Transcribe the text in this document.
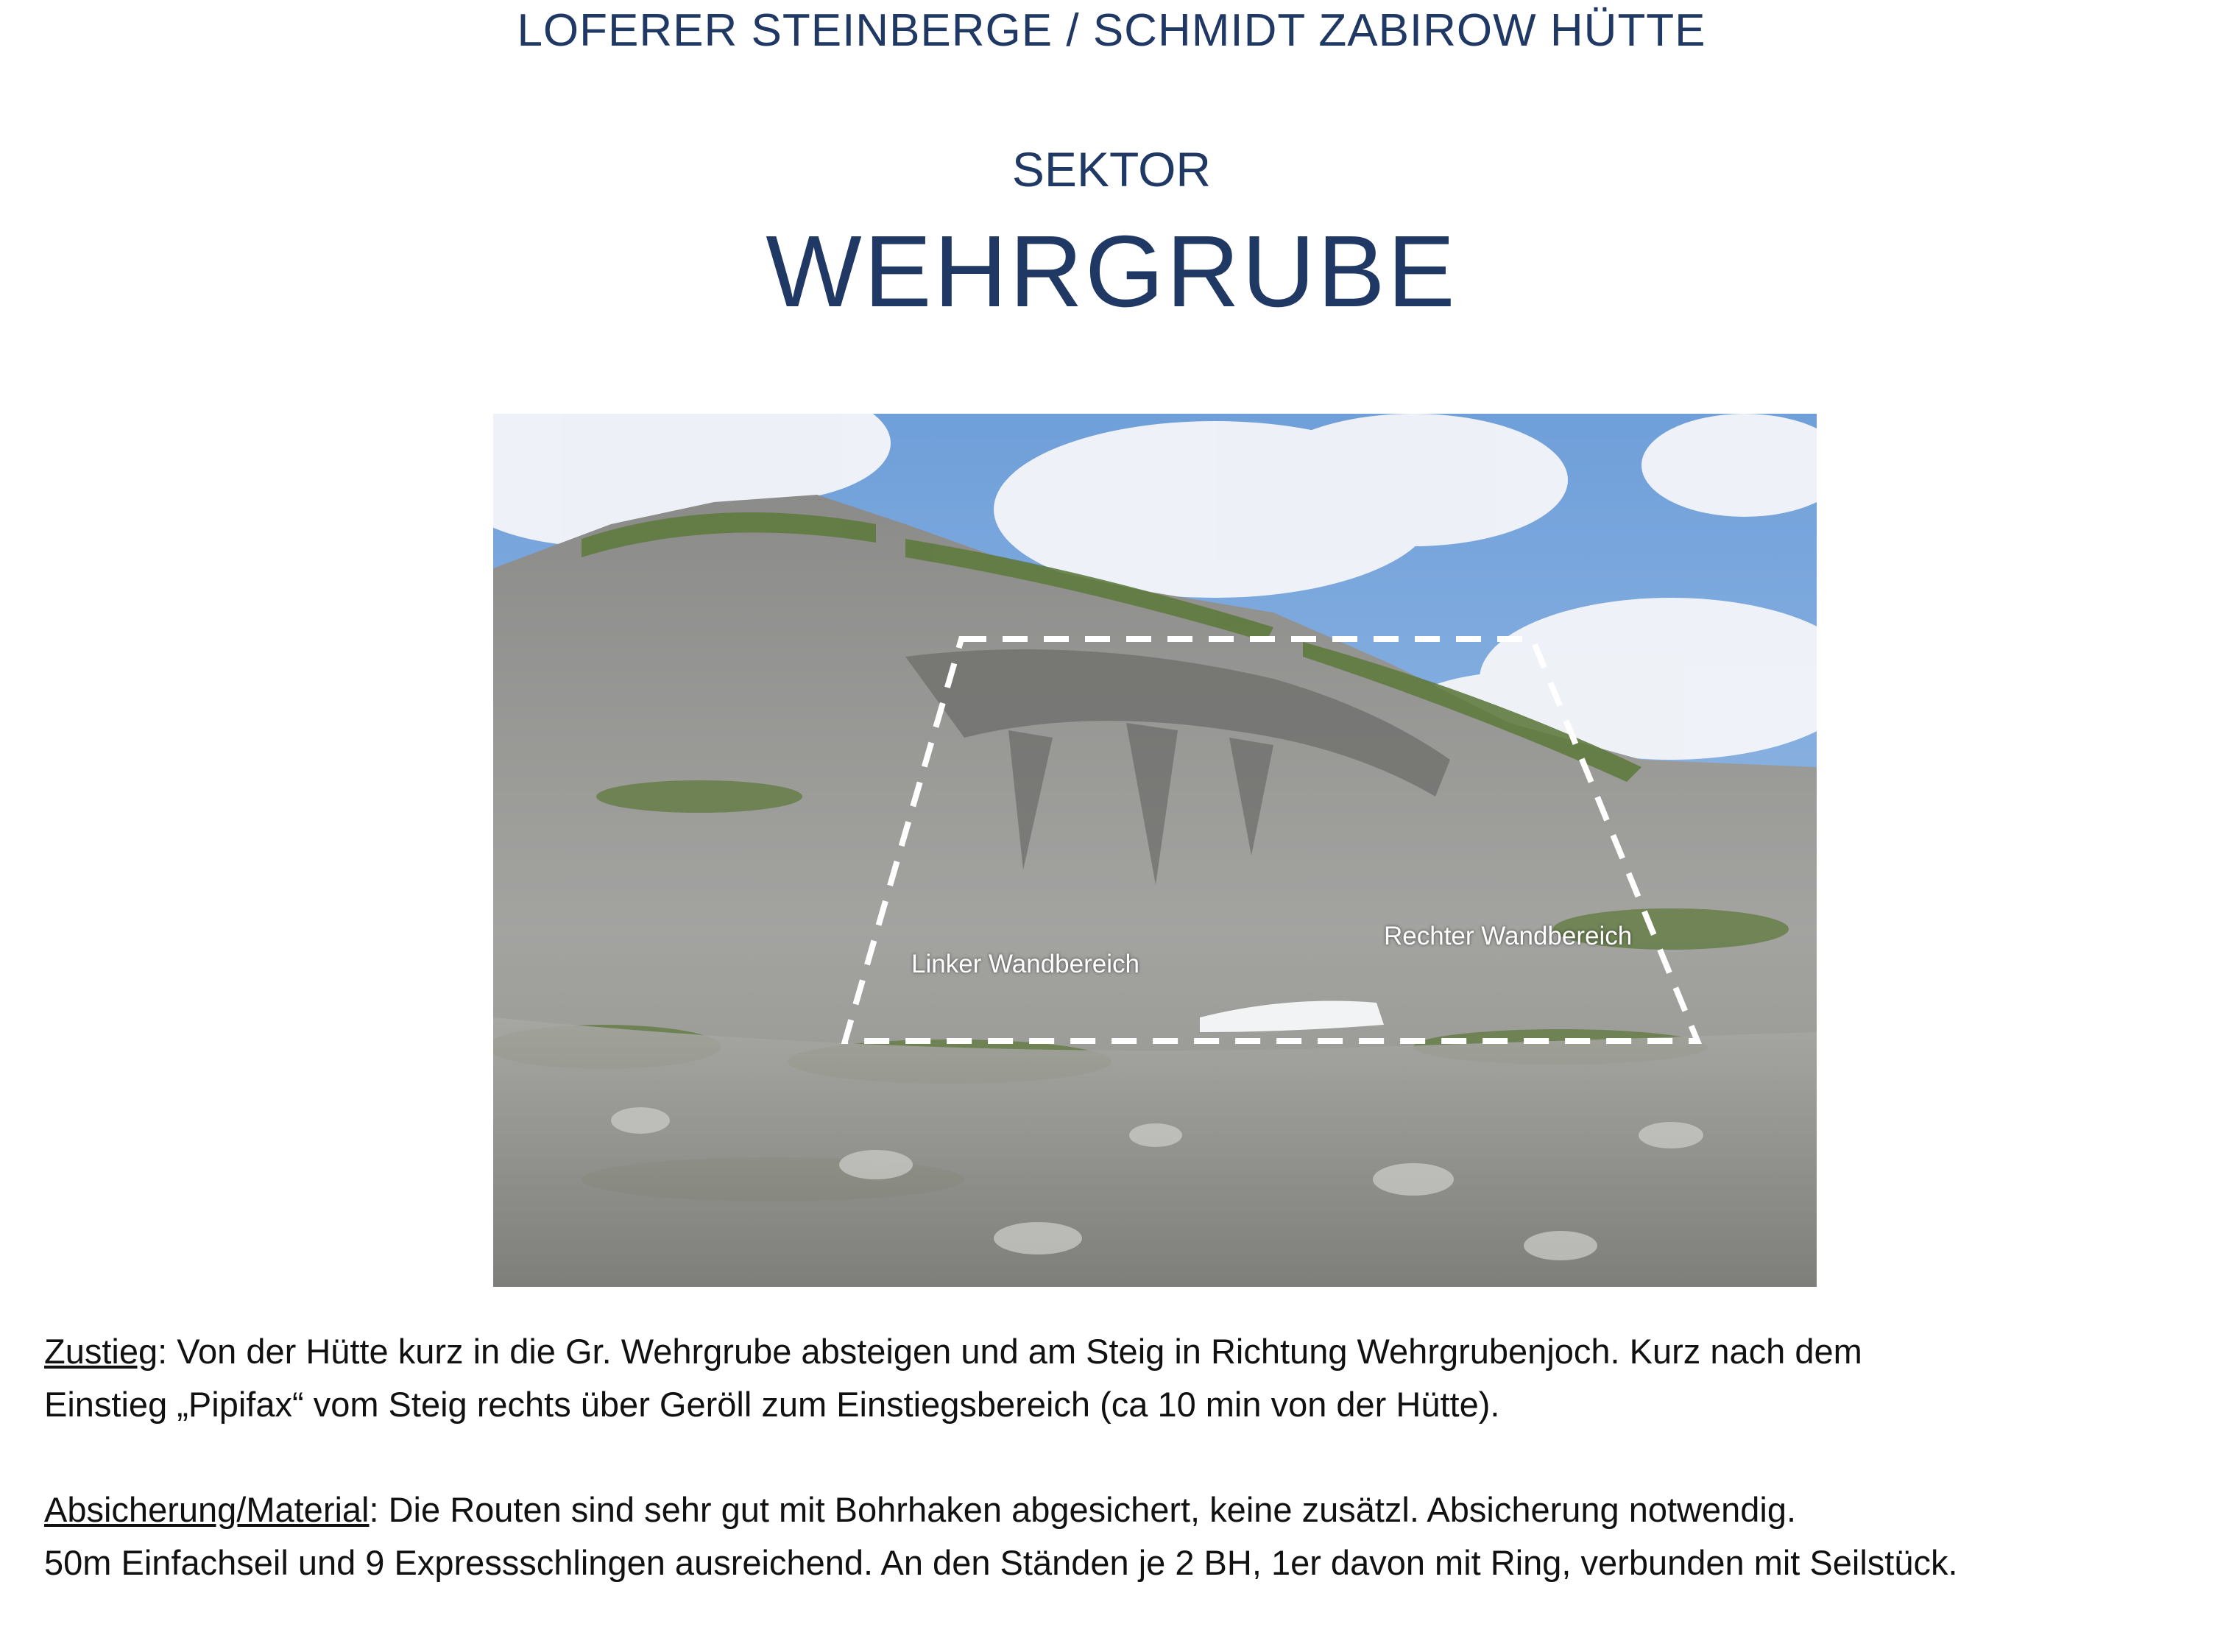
LOFERER STEINBERGE / SCHMIDT ZABIROW HÜTTE
SEKTOR
WEHRGRUBE
Linker Wandbereich
Rechter Wandbereich
Zustieg: Von der Hütte kurz in die Gr. Wehrgrube absteigen und am Steig in Richtung Wehrgrubenjoch. Kurz nach dem
Einstieg „Pipifax“ vom Steig rechts über Geröll zum Einstiegsbereich (ca 10 min von der Hütte).
Absicherung/Material: Die Routen sind sehr gut mit Bohrhaken abgesichert, keine zusätzl. Absicherung notwendig.
50m Einfachseil und 9 Expressschlingen ausreichend. An den Ständen je 2 BH, 1er davon mit Ring, verbunden mit Seilstück.
